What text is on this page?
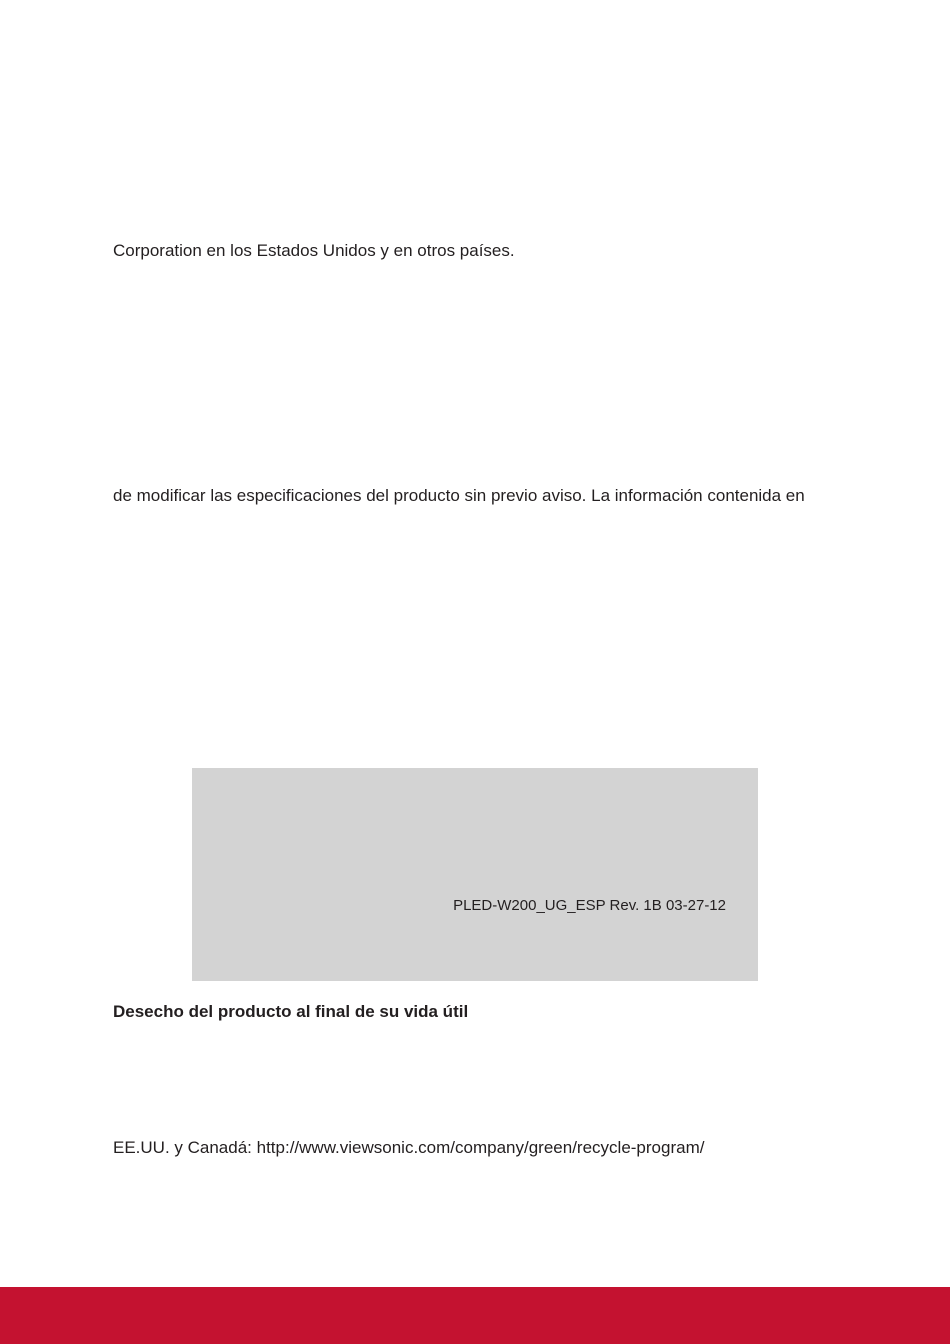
Corporation en los Estados Unidos y en otros países.
de modificar las especificaciones del producto sin previo aviso. La información contenida en
PLED-W200_UG_ESP Rev. 1B 03-27-12
Desecho del producto al final de su vida útil
EE.UU. y Canadá: http://www.viewsonic.com/company/green/recycle-program/
